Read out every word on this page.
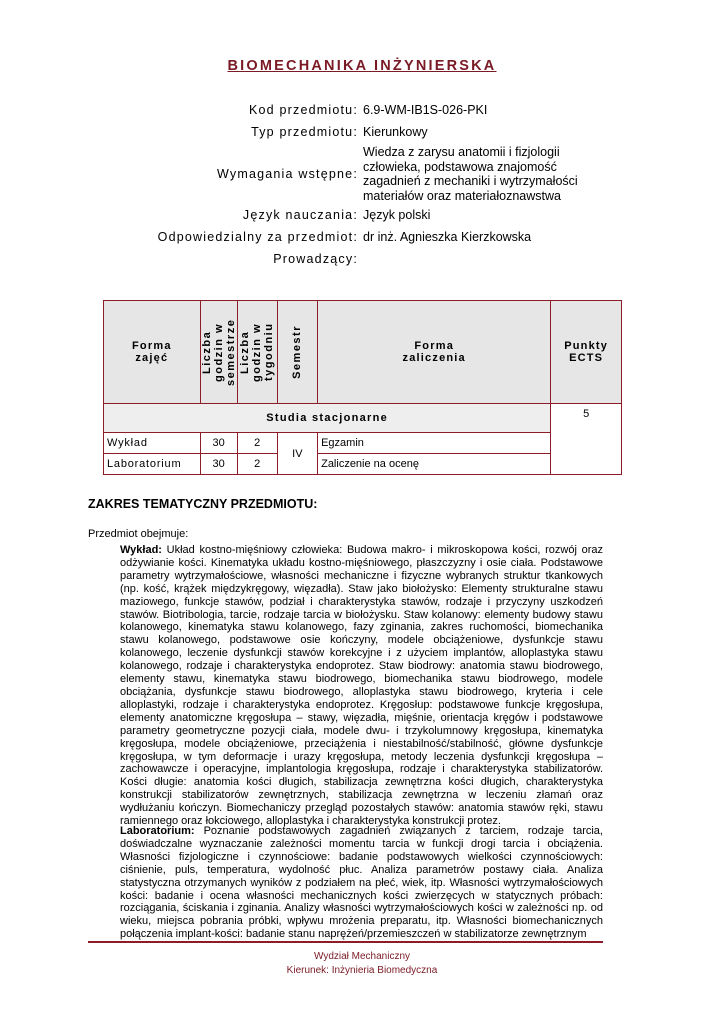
BIOMECHANIKA INŻYNIERSKA
Kod przedmiotu: 6.9-WM-IB1S-026-PKI
Typ przedmiotu: Kierunkowy
Wymagania wstępne:
Wiedza z zarysu anatomii i fizjologii człowieka, podstawowa znajomość zagadnień z mechaniki i wytrzymałości materiałów oraz materiałoznawstwa
Język nauczania: Język polski
Odpowiedzialny za przedmiot: dr inż. Agnieszka Kierzkowska
Prowadzący:
Forma zajęć	Liczba godzin w semestrze	Liczba godzin w tygodniu	Semestr	Forma zaliczenia	Punkty ECTS
Studia stacjonarne					5
Wykład	30	2	IV	Egzamin	
Laboratorium	30	2		Zaliczenie na ocenę	
ZAKRES TEMATYCZNY PRZEDMIOTU:
Przedmiot obejmuje:
Wykład: Układ kostno-mięśniowy człowieka: Budowa makro- i mikroskopowa kości, rozwój oraz odżywianie kości. Kinematyka układu kostno-mięśniowego, płaszczyzny i osie ciała. Podstawowe parametry wytrzymałościowe, własności mechaniczne i fizyczne wybranych struktur tkankowych (np. kość, krążek międzykręgowy, więzadła). Staw jako biołożysko: Elementy strukturalne stawu maziowego, funkcje stawów, podział i charakterystyka stawów, rodzaje i przyczyny uszkodzeń stawów. Biotribologia, tarcie, rodzaje tarcia w biołożysku. Staw kolanowy: elementy budowy stawu kolanowego, kinematyka stawu kolanowego, fazy zginania, zakres ruchomości, biomechanika stawu kolanowego, podstawowe osie kończyny, modele obciążeniowe, dysfunkcje stawu kolanowego, leczenie dysfunkcji stawów korekcyjne i z użyciem implantów, alloplastyka stawu kolanowego, rodzaje i charakterystyka endoprotez. Staw biodrowy: anatomia stawu biodrowego, elementy stawu, kinematyka stawu biodrowego, biomechanika stawu biodrowego, modele obciążania, dysfunkcje stawu biodrowego, alloplastyka stawu biodrowego, kryteria i cele alloplastyki, rodzaje i charakterystyka endoprotez. Kręgosłup: podstawowe funkcje kręgosłupa, elementy anatomiczne kręgosłupa – stawy, więzadła, mięśnie, orientacja kręgów i podstawowe parametry geometryczne pozycji ciała, modele dwu- i trzykolumnowy kręgosłupa, kinematyka kręgosłupa, modele obciążeniowe, przeciążenia i niestabilność/stabilność, główne dysfunkcje kręgosłupa, w tym deformacje i urazy kręgosłupa, metody leczenia dysfunkcji kręgosłupa – zachowawcze i operacyjne, implantologia kręgosłupa, rodzaje i charakterystyka stabilizatorów. Kości długie: anatomia kości długich, stabilizacja zewnętrzna kości długich, charakterystyka konstrukcji stabilizatorów zewnętrznych, stabilizacja zewnętrzna w leczeniu złamań oraz wydłużaniu kończyn. Biomechaniczy przegląd pozostałych stawów: anatomia stawów ręki, stawu ramiennego oraz łokciowego, alloplastyka i charakterystyka konstrukcji protez.
Laboratorium: Poznanie podstawowych zagadnień związanych z tarciem, rodzaje tarcia, doświadczalne wyznaczanie zależności momentu tarcia w funkcji drogi tarcia i obciążenia. Własności fizjologiczne i czynnościowe: badanie podstawowych wielkości czynnościowych: ciśnienie, puls, temperatura, wydolność płuc. Analiza parametrów postawy ciała. Analiza statystyczna otrzymanych wyników z podziałem na płeć, wiek, itp. Własności wytrzymałościowych kości: badanie i ocena własności mechanicznych kości zwierzęcych w statycznych próbach: rozciągania, ściskania i zginania. Analizy własności wytrzymałościowych kości w zależności np. od wieku, miejsca pobrania próbki, wpływu mrożenia preparatu, itp. Własności biomechanicznych połączenia implant-kości: badanie stanu naprężeń/przemieszczeń w stabilizatorze zewnętrznym
Wydział Mechaniczny
Kierunek: Inżynieria Biomedyczna
